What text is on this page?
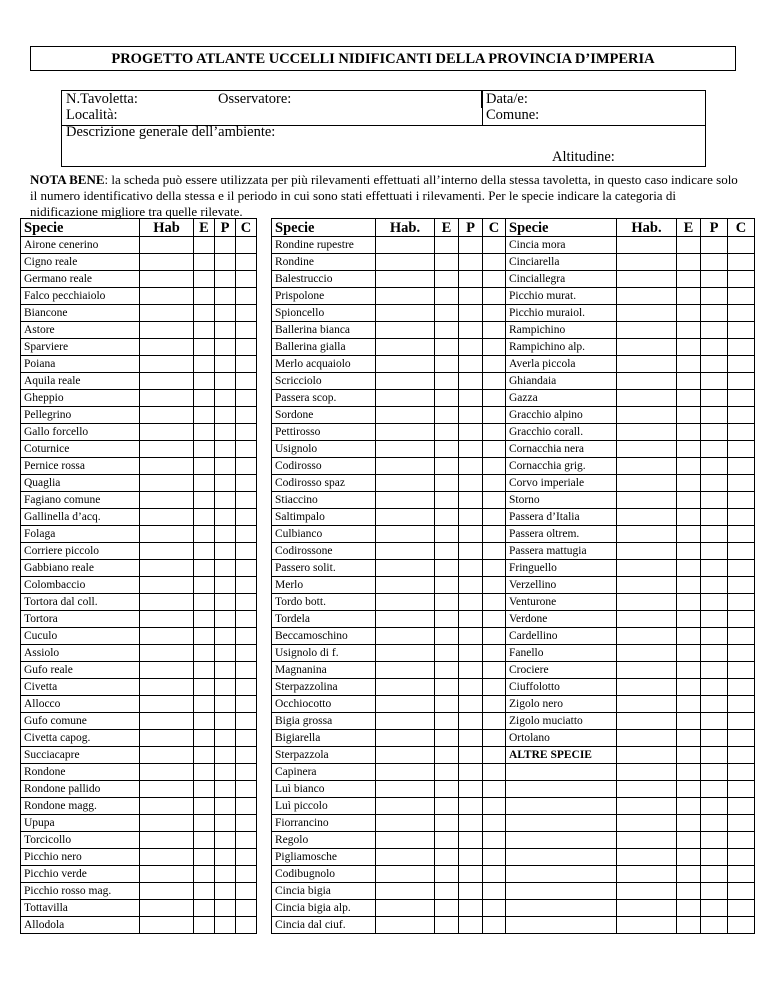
PROGETTO ATLANTE UCCELLI NIDIFICANTI DELLA PROVINCIA D’IMPERIA
N.Tavoletta:	Osservatore:	Data/e:
Località:	Comune:
Descrizione generale dell’ambiente:
Altitudine:
NOTA BENE: la scheda può essere utilizzata per più rilevamenti effettuati all’interno della stessa tavoletta, in questo caso indicare solo il numero identificativo della stessa e il periodo in cui sono stati effettuati i rilevamenti. Per le specie indicare la categoria di nidificazione migliore tra quelle rilevate.
Specie	Hab	E	P	C
Airone cenerino				
Cigno reale				
Germano reale				
Falco pecchiaiolo				
Biancone				
Astore				
Sparviere				
Poiana				
Aquila reale				
Gheppio				
Pellegrino				
Gallo forcello				
Coturnice				
Pernice rossa				
Quaglia				
Fagiano comune				
Gallinella d’acq.				
Folaga				
Corriere piccolo				
Gabbiano reale				
Colombaccio				
Tortora dal coll.				
Tortora				
Cuculo				
Assiolo				
Gufo reale				
Civetta				
Allocco				
Gufo comune				
Civetta capog.				
Succiacapre				
Rondone				
Rondone pallido				
Rondone magg.				
Upupa				
Torcicollo				
Picchio nero				
Picchio verde				
Picchio rosso mag.				
Tottavilla				
Allodola				
Specie	Hab.	E	P	C
Rondine rupestre				
Rondine				
Balestruccio				
Prispolone				
Spioncello				
Ballerina bianca				
Ballerina gialla				
Merlo acquaiolo				
Scricciolo				
Passera scop.				
Sordone				
Pettirosso				
Usignolo				
Codirosso				
Codirosso spaz				
Stiaccino				
Saltimpalo				
Culbianco				
Codirossone				
Passero solit.				
Merlo				
Tordo bott.				
Tordela				
Beccamoschino				
Usignolo di f.				
Magnanina				
Sterpazzolina				
Occhiocotto				
Bigia grossa				
Bigiarella				
Sterpazzola				
Capinera				
Luì bianco				
Luì piccolo				
Fiorrancino				
Regolo				
Pigliamosche				
Codibugnolo				
Cincia bigia				
Cincia bigia alp.				
Cincia dal ciuf.				
Specie	Hab.	E	P	C
Cincia mora				
Cinciarella				
Cinciallegra				
Picchio murat.				
Picchio muraiol.				
Rampichino				
Rampichino alp.				
Averla piccola				
Ghiandaia				
Gazza				
Gracchio alpino				
Gracchio corall.				
Cornacchia nera				
Cornacchia grig.				
Corvo imperiale				
Storno				
Passera d’Italia				
Passera oltrem.				
Passera mattugia				
Fringuello				
Verzellino				
Venturone				
Verdone				
Cardellino				
Fanello				
Crociere				
Ciuffolotto				
Zigolo nero				
Zigolo muciatto				
Ortolano				
ALTRE SPECIE				
